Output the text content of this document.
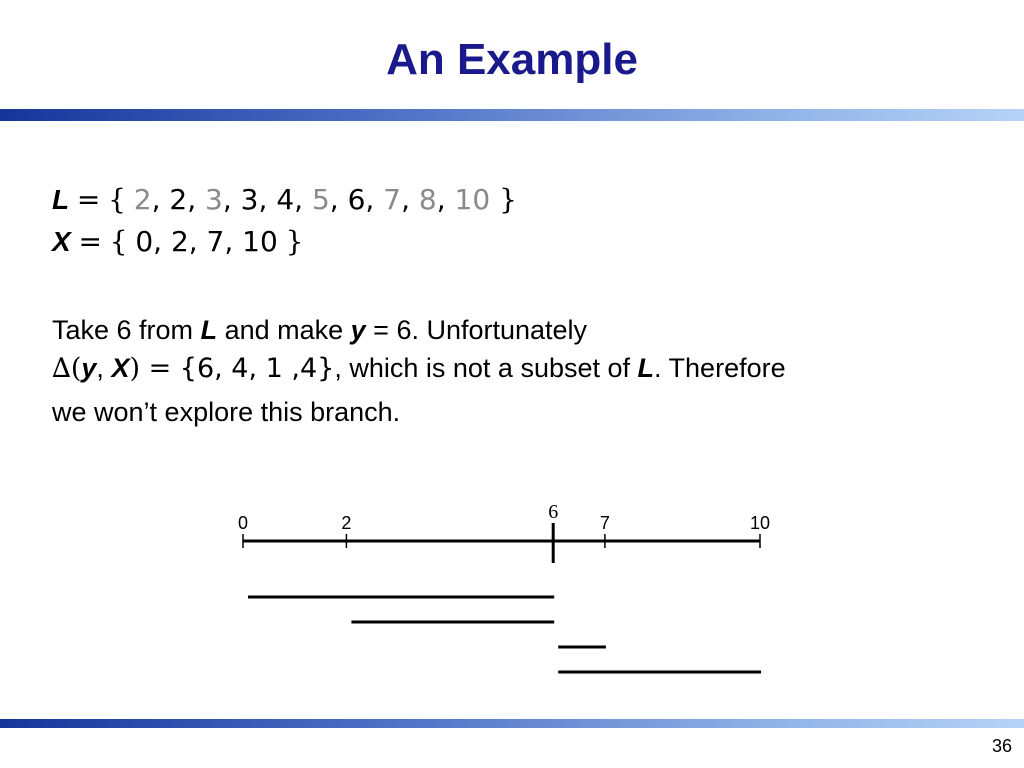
An Example
L = { 2, 2, 3, 3, 4, 5, 6, 7, 8, 10 }
X = { 0, 2, 7, 10 }
Take 6 from L and make y = 6. Unfortunately
∆(y, X) = {6, 4, 1 ,4}, which is not a subset of L. Therefore
we won’t explore this branch.
0	2	7	10
6
36
